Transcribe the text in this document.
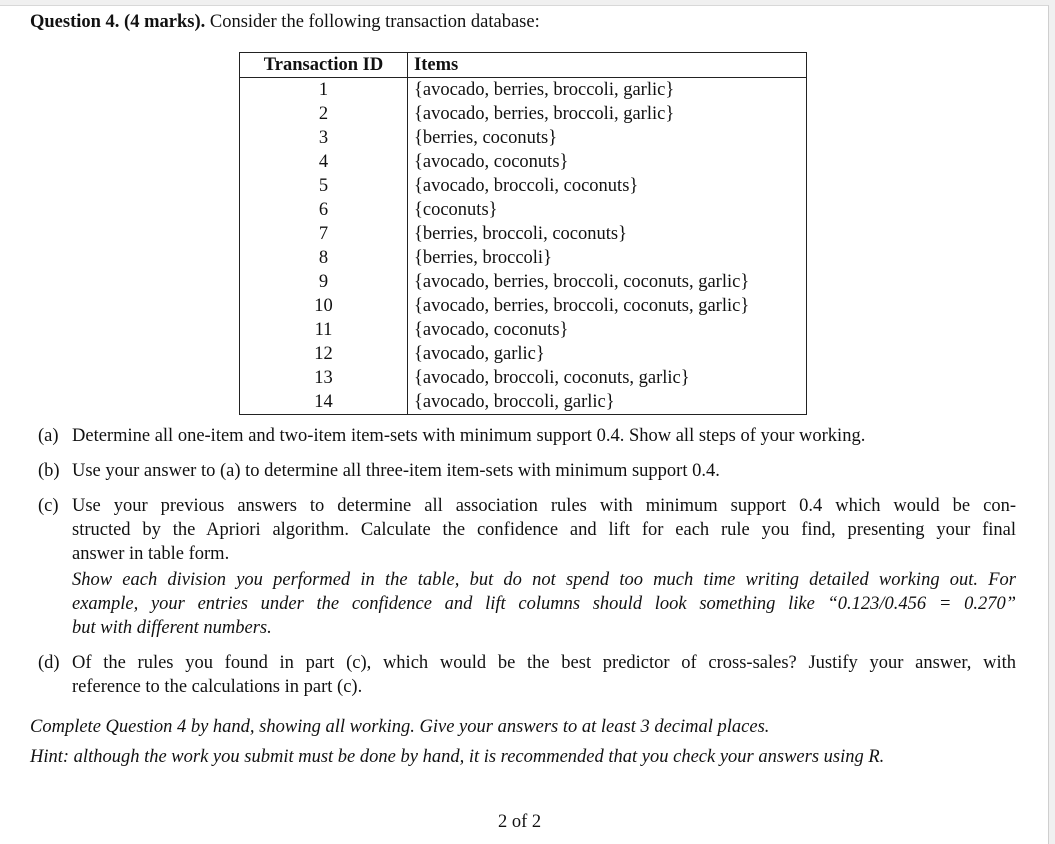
Question 4. (4 marks). Consider the following transaction database:
Transaction ID	Items
1	{avocado, berries, broccoli, garlic}
2	{avocado, berries, broccoli, garlic}
3	{berries, coconuts}
4	{avocado, coconuts}
5	{avocado, broccoli, coconuts}
6	{coconuts}
7	{berries, broccoli, coconuts}
8	{berries, broccoli}
9	{avocado, berries, broccoli, coconuts, garlic}
10	{avocado, berries, broccoli, coconuts, garlic}
11	{avocado, coconuts}
12	{avocado, garlic}
13	{avocado, broccoli, coconuts, garlic}
14	{avocado, broccoli, garlic}
(a) Determine all one-item and two-item item-sets with minimum support 0.4. Show all steps of your working.
(b) Use your answer to (a) to determine all three-item item-sets with minimum support 0.4.
(c) Use your previous answers to determine all association rules with minimum support 0.4 which would be con-
structed by the Apriori algorithm. Calculate the confidence and lift for each rule you find, presenting your final
answer in table form.
Show each division you performed in the table, but do not spend too much time writing detailed working out. For
example, your entries under the confidence and lift columns should look something like “0.123/0.456 = 0.270”
but with different numbers.
(d) Of the rules you found in part (c), which would be the best predictor of cross-sales? Justify your answer, with
reference to the calculations in part (c).
Complete Question 4 by hand, showing all working. Give your answers to at least 3 decimal places.
Hint: although the work you submit must be done by hand, it is recommended that you check your answers using R.
2 of 2
